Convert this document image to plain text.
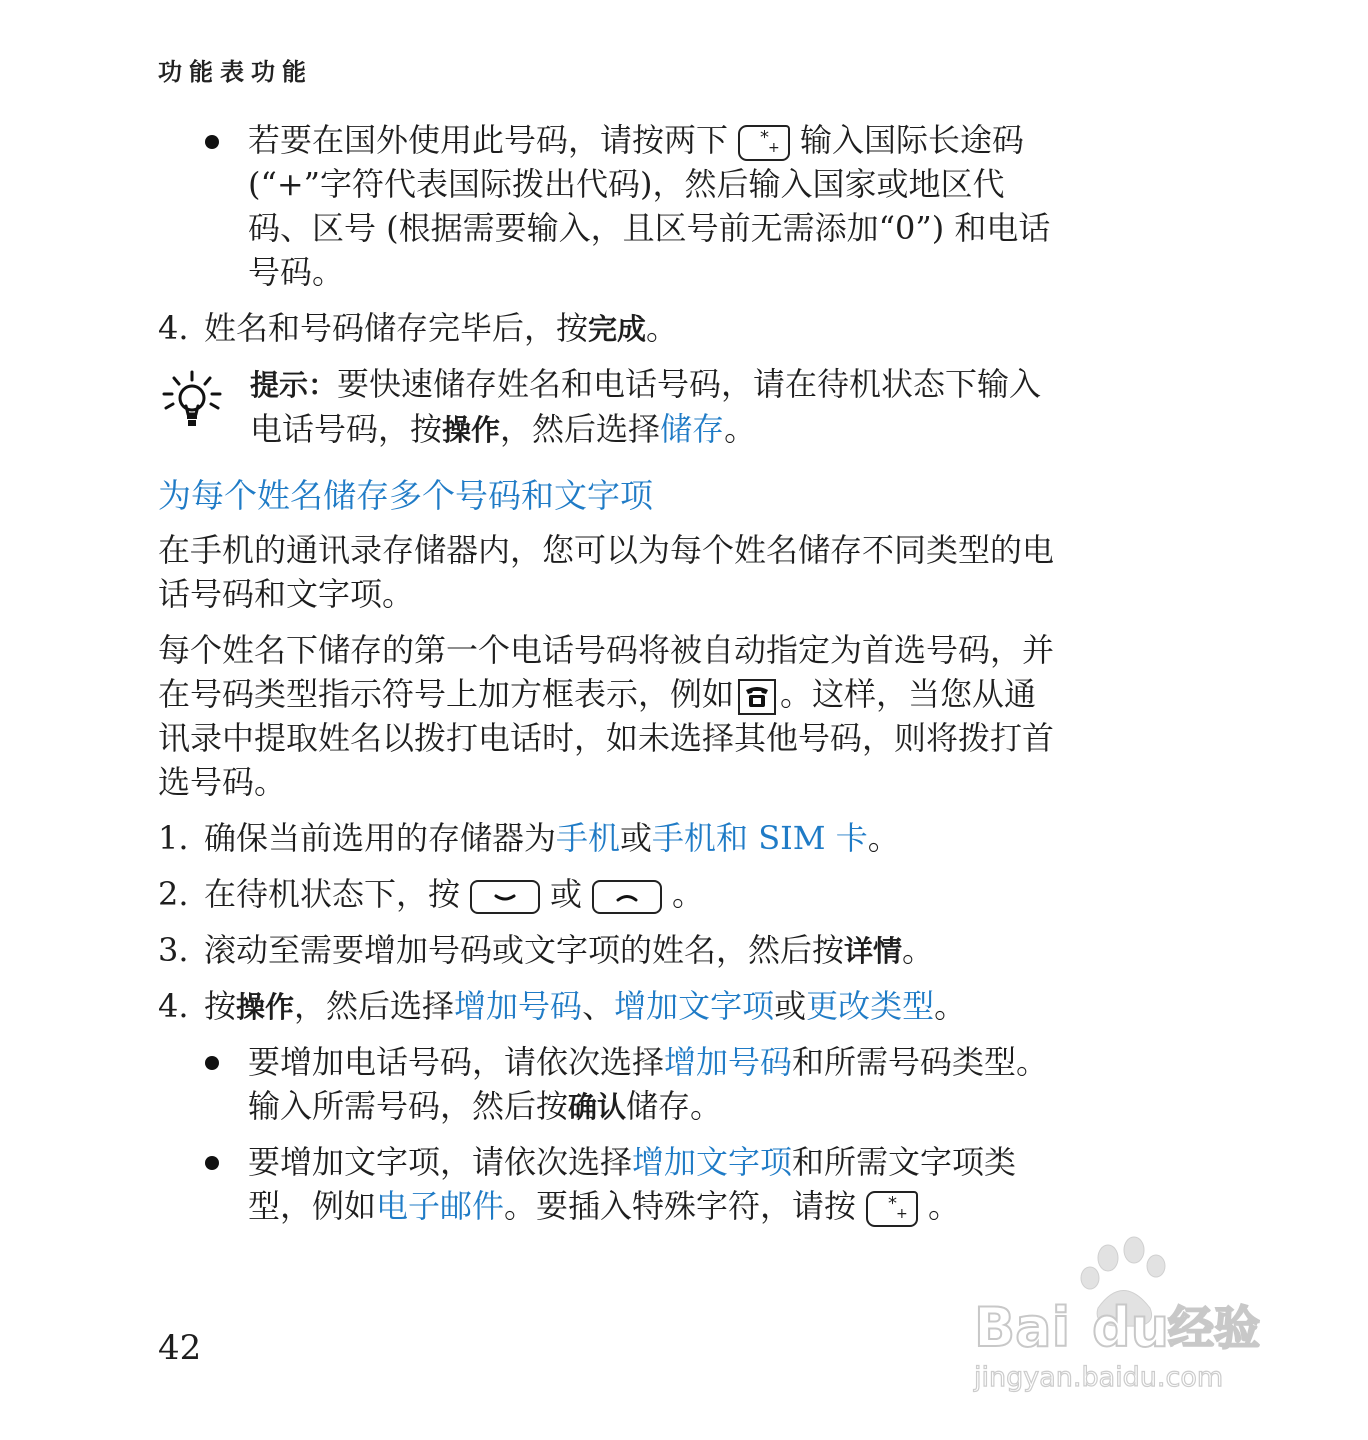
功能表功能
若要在国外使用此号码，请按两下 * + 输入国际长途码
(“+”字符代表国际拨出代码)，然后输入国家或地区代
码、区号 (根据需要输入，且区号前无需添加“0”) 和电话
号码。
4. 姓名和号码储存完毕后，按完成。
提示：要快速储存姓名和电话号码，请在待机状态下输入
电话号码，按操作，然后选择储存。
为每个姓名储存多个号码和文字项
在手机的通讯录存储器内，您可以为每个姓名储存不同类型的电
话号码和文字项。
每个姓名下储存的第一个电话号码将被自动指定为首选号码，并
在号码类型指示符号上加方框表示，例如 。这样，当您从通
讯录中提取姓名以拨打电话时，如未选择其他号码，则将拨打首
选号码。
1. 确保当前选用的存储器为手机或手机和 SIM 卡。
2. 在待机状态下，按	或	。
3. 滚动至需要增加号码或文字项的姓名，然后按详情。
4. 按操作，然后选择增加号码、增加文字项或更改类型。
要增加电话号码，请依次选择增加号码和所需号码类型。
输入所需号码，然后按确认储存。
要增加文字项，请依次选择增加文字项和所需文字项类
型，例如电子邮件。要插入特殊字符，请按 * + 。
42	Bai du
经验
jingyan.baidu.com
